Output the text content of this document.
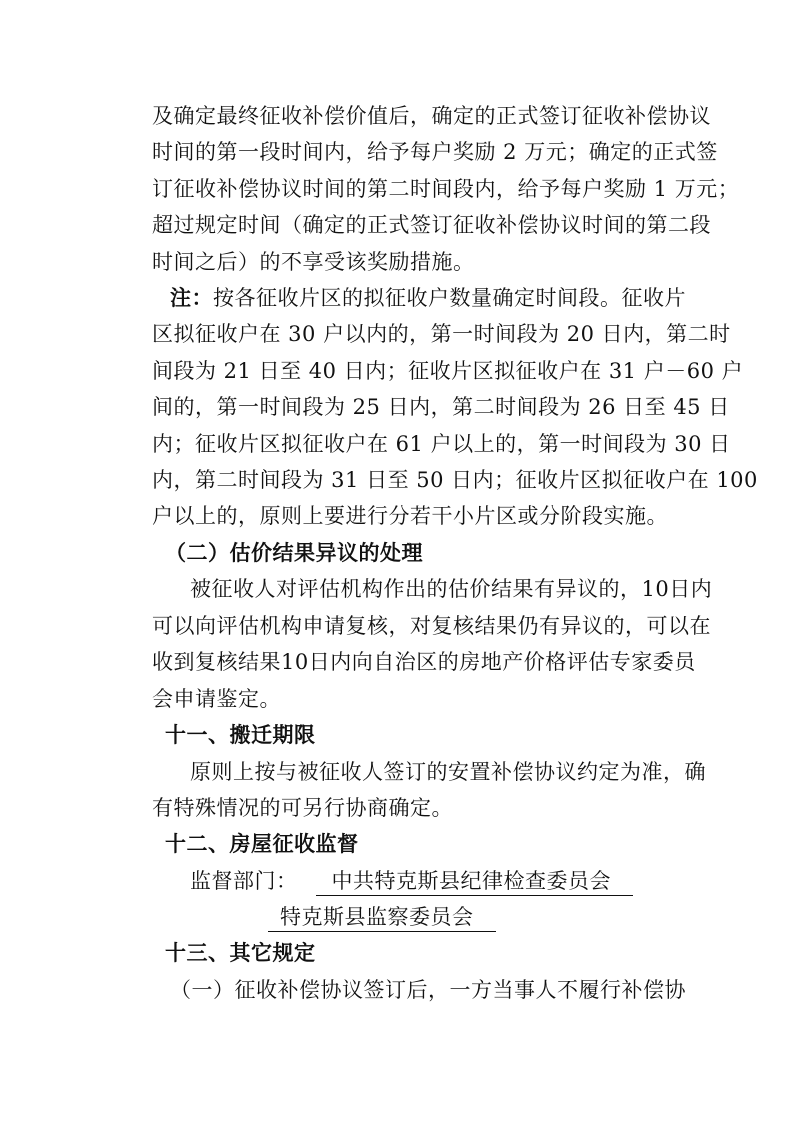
及确定最终征收补偿价值后，确定的正式签订征收补偿协议
时间的第一段时间内，给予每户奖励 2 万元；确定的正式签
订征收补偿协议时间的第二时间段内，给予每户奖励 1 万元；
超过规定时间（确定的正式签订征收补偿协议时间的第二段
时间之后）的不享受该奖励措施。
注：按各征收片区的拟征收户数量确定时间段。征收片
区拟征收户在 30 户以内的，第一时间段为 20 日内，第二时
间段为 21 日至 40 日内；征收片区拟征收户在 31 户－60 户
间的，第一时间段为 25 日内，第二时间段为 26 日至 45 日
内；征收片区拟征收户在 61 户以上的，第一时间段为 30 日
内，第二时间段为 31 日至 50 日内；征收片区拟征收户在 100
户以上的，原则上要进行分若干小片区或分阶段实施。
（二）估价结果异议的处理
被征收人对评估机构作出的估价结果有异议的，10日内
可以向评估机构申请复核，对复核结果仍有异议的，可以在
收到复核结果10日内向自治区的房地产价格评估专家委员
会申请鉴定。
十一、搬迁期限
原则上按与被征收人签订的安置补偿协议约定为准，确
有特殊情况的可另行协商确定。
十二、房屋征收监督
监督部门： 中共特克斯县纪律检查委员会
特克斯县监察委员会
十三、其它规定
（一）征收补偿协议签订后，一方当事人不履行补偿协
